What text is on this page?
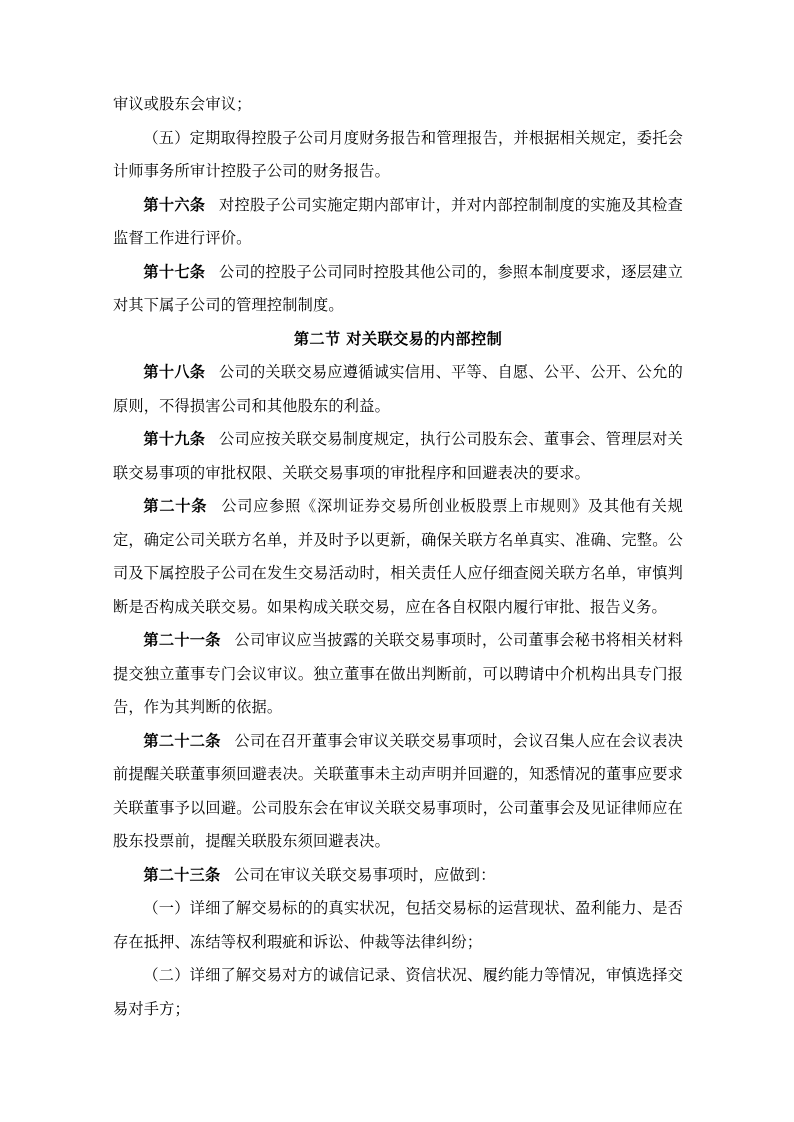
审议或股东会审议；

（五）定期取得控股子公司月度财务报告和管理报告，并根据相关规定，委托会计师事务所审计控股子公司的财务报告。

第十六条 对控股子公司实施定期内部审计，并对内部控制制度的实施及其检查监督工作进行评价。

第十七条 公司的控股子公司同时控股其他公司的，参照本制度要求，逐层建立对其下属子公司的管理控制制度。

第二节 对关联交易的内部控制

第十八条 公司的关联交易应遵循诚实信用、平等、自愿、公平、公开、公允的原则，不得损害公司和其他股东的利益。

第十九条 公司应按关联交易制度规定，执行公司股东会、董事会、管理层对关联交易事项的审批权限、关联交易事项的审批程序和回避表决的要求。

第二十条 公司应参照《深圳证券交易所创业板股票上市规则》及其他有关规定，确定公司关联方名单，并及时予以更新，确保关联方名单真实、准确、完整。公司及下属控股子公司在发生交易活动时，相关责任人应仔细查阅关联方名单，审慎判断是否构成关联交易。如果构成关联交易，应在各自权限内履行审批、报告义务。

第二十一条 公司审议应当披露的关联交易事项时，公司董事会秘书将相关材料提交独立董事专门会议审议。独立董事在做出判断前，可以聘请中介机构出具专门报告，作为其判断的依据。

第二十二条 公司在召开董事会审议关联交易事项时，会议召集人应在会议表决前提醒关联董事须回避表决。关联董事未主动声明并回避的，知悉情况的董事应要求关联董事予以回避。公司股东会在审议关联交易事项时，公司董事会及见证律师应在股东投票前，提醒关联股东须回避表决。

第二十三条 公司在审议关联交易事项时，应做到：

（一）详细了解交易标的的真实状况，包括交易标的运营现状、盈利能力、是否存在抵押、冻结等权利瑕疵和诉讼、仲裁等法律纠纷；

（二）详细了解交易对方的诚信记录、资信状况、履约能力等情况，审慎选择交易对手方；
